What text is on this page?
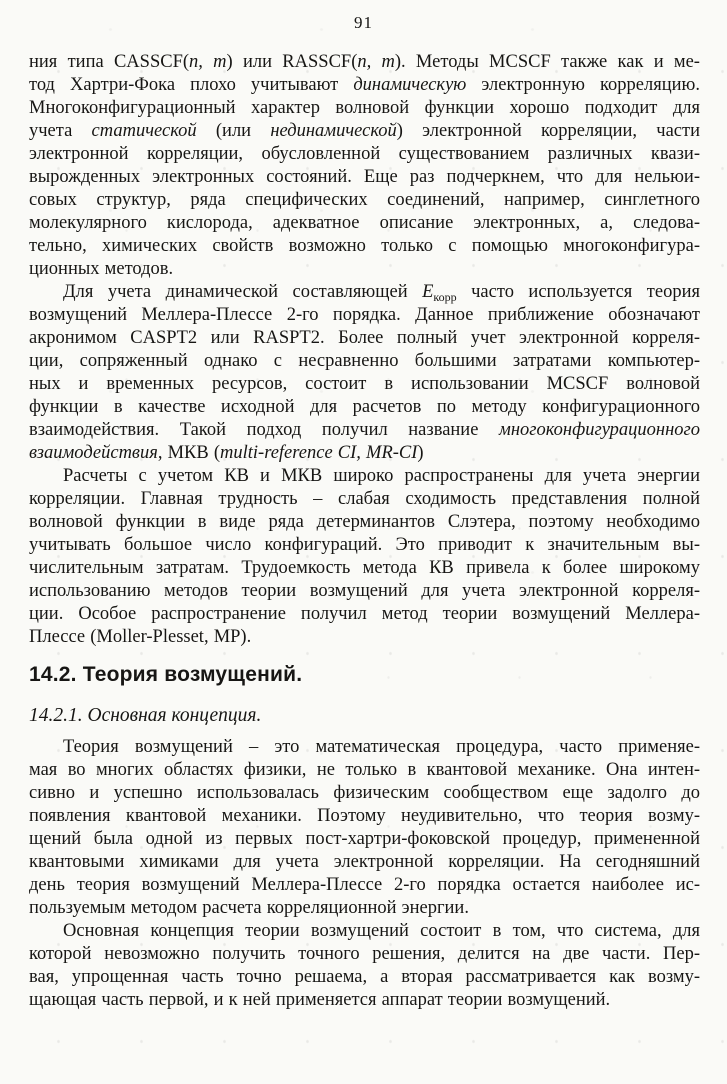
91
ния типа CASSCF(n, m) или RASSCF(n, m). Методы MCSCF также как и ме-
тод Хартри-Фока плохо учитывают динамическую электронную корреляцию.
Многоконфигурационный характер волновой функции хорошо подходит для
учета статической (или нединамической) электронной корреляции, части
электронной корреляции, обусловленной существованием различных квази-
вырожденных электронных состояний. Еще раз подчеркнем, что для нельюи-
совых структур, ряда специфических соединений, например, синглетного
молекулярного кислорода, адекватное описание электронных, а, следова-
тельно, химических свойств возможно только с помощью многоконфигура-
ционных методов.
Для учета динамической составляющей $E_{корр}$ часто используется теория
возмущений Меллера-Плессе 2-го порядка. Данное приближение обозначают
акронимом CASPT2 или RASPT2. Более полный учет электронной корреля-
ции, сопряженный однако с несравненно большими затратами компьютер-
ных и временных ресурсов, состоит в использовании MCSCF волновой
функции в качестве исходной для расчетов по методу конфигурационного
взаимодействия. Такой подход получил название многоконфигурационного
взаимодействия, МКВ (multi-reference CI, MR-CI)
Расчеты с учетом КВ и МКВ широко распространены для учета энергии
корреляции. Главная трудность – слабая сходимость представления полной
волновой функции в виде ряда детерминантов Слэтера, поэтому необходимо
учитывать большое число конфигураций. Это приводит к значительным вы-
числительным затратам. Трудоемкость метода КВ привела к более широкому
использованию методов теории возмущений для учета электронной корреля-
ции. Особое распространение получил метод теории возмущений Меллера-
Плессе (Moller-Plesset, MP).
14.2. Теория возмущений.
14.2.1. Основная концепция.
Теория возмущений – это математическая процедура, часто применяе-
мая во многих областях физики, не только в квантовой механике. Она интен-
сивно и успешно использовалась физическим сообществом еще задолго до
появления квантовой механики. Поэтому неудивительно, что теория возму-
щений была одной из первых пост-хартри-фоковской процедур, примененной
квантовыми химиками для учета электронной корреляции. На сегодняшний
день теория возмущений Меллера-Плессе 2-го порядка остается наиболее ис-
пользуемым методом расчета корреляционной энергии.
Основная концепция теории возмущений состоит в том, что система, для
которой невозможно получить точного решения, делится на две части. Пер-
вая, упрощенная часть точно решаема, а вторая рассматривается как возму-
щающая часть первой, и к ней применяется аппарат теории возмущений.
